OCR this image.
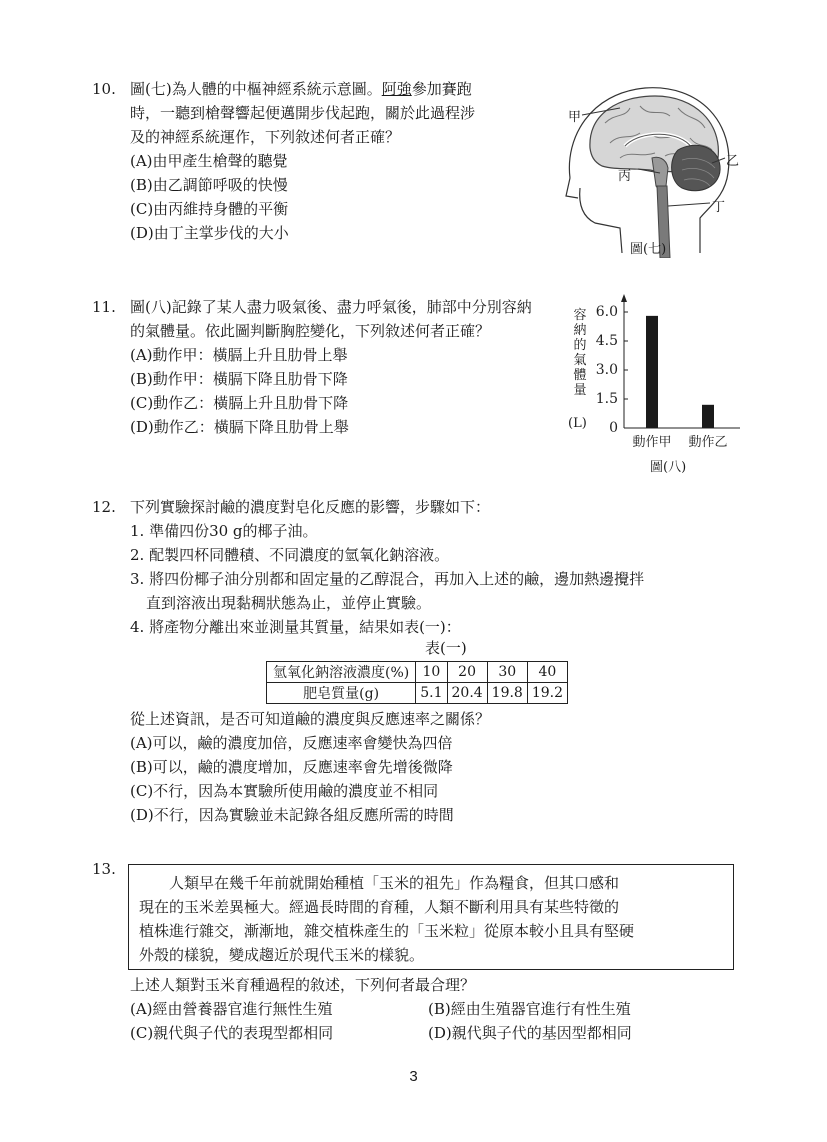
10. 圖(七)為人體的中樞神經系統示意圖。阿強參加賽跑
時，一聽到槍聲響起便邁開步伐起跑，關於此過程涉
及的神經系統運作，下列敘述何者正確？
(A)由甲產生槍聲的聽覺
(B)由乙調節呼吸的快慢
(C)由丙維持身體的平衡
(D)由丁主掌步伐的大小
甲
乙
丙
丁
圖(七)
11. 圖(八)記錄了某人盡力吸氣後、盡力呼氣後，肺部中分別容納
的氣體量。依此圖判斷胸腔變化，下列敘述何者正確？
(A)動作甲：橫膈上升且肋骨上舉
(B)動作甲：橫膈下降且肋骨下降
(C)動作乙：橫膈上升且肋骨下降
(D)動作乙：橫膈下降且肋骨上舉
容
納
的
氣
體
量
(L)
6.0
4.5
3.0
1.5
0
動作甲 動作乙
圖(八)
12. 下列實驗探討鹼的濃度對皂化反應的影響，步驟如下：
1. 準備四份30 g的椰子油。
2. 配製四杯同體積、不同濃度的氫氧化鈉溶液。
3. 將四份椰子油分別都和固定量的乙醇混合，再加入上述的鹼，邊加熱邊攪拌
直到溶液出現黏稠狀態為止，並停止實驗。
4. 將產物分離出來並測量其質量，結果如表(一)：
表(一)
氫氧化鈉溶液濃度(%)	10	20	30	40
肥皂質量(g)	5.1	20.4	19.8	19.2
從上述資訊，是否可知道鹼的濃度與反應速率之關係？
(A)可以，鹼的濃度加倍，反應速率會變快為四倍
(B)可以，鹼的濃度增加，反應速率會先增後微降
(C)不行，因為本實驗所使用鹼的濃度並不相同
(D)不行，因為實驗並未記錄各組反應所需的時間
13.

人類早在幾千年前就開始種植「玉米的祖先」作為糧食，但其口感和

現在的玉米差異極大。經過長時間的育種，人類不斷利用具有某些特徵的

植株進行雜交，漸漸地，雜交植株產生的「玉米粒」從原本較小且具有堅硬

外殼的樣貌，變成趨近於現代玉米的樣貌。

上述人類對玉米育種過程的敘述，下列何者最合理？
(A)經由營養器官進行無性生殖	(B)經由生殖器官進行有性生殖
(C)親代與子代的表現型都相同	(D)親代與子代的基因型都相同
3
